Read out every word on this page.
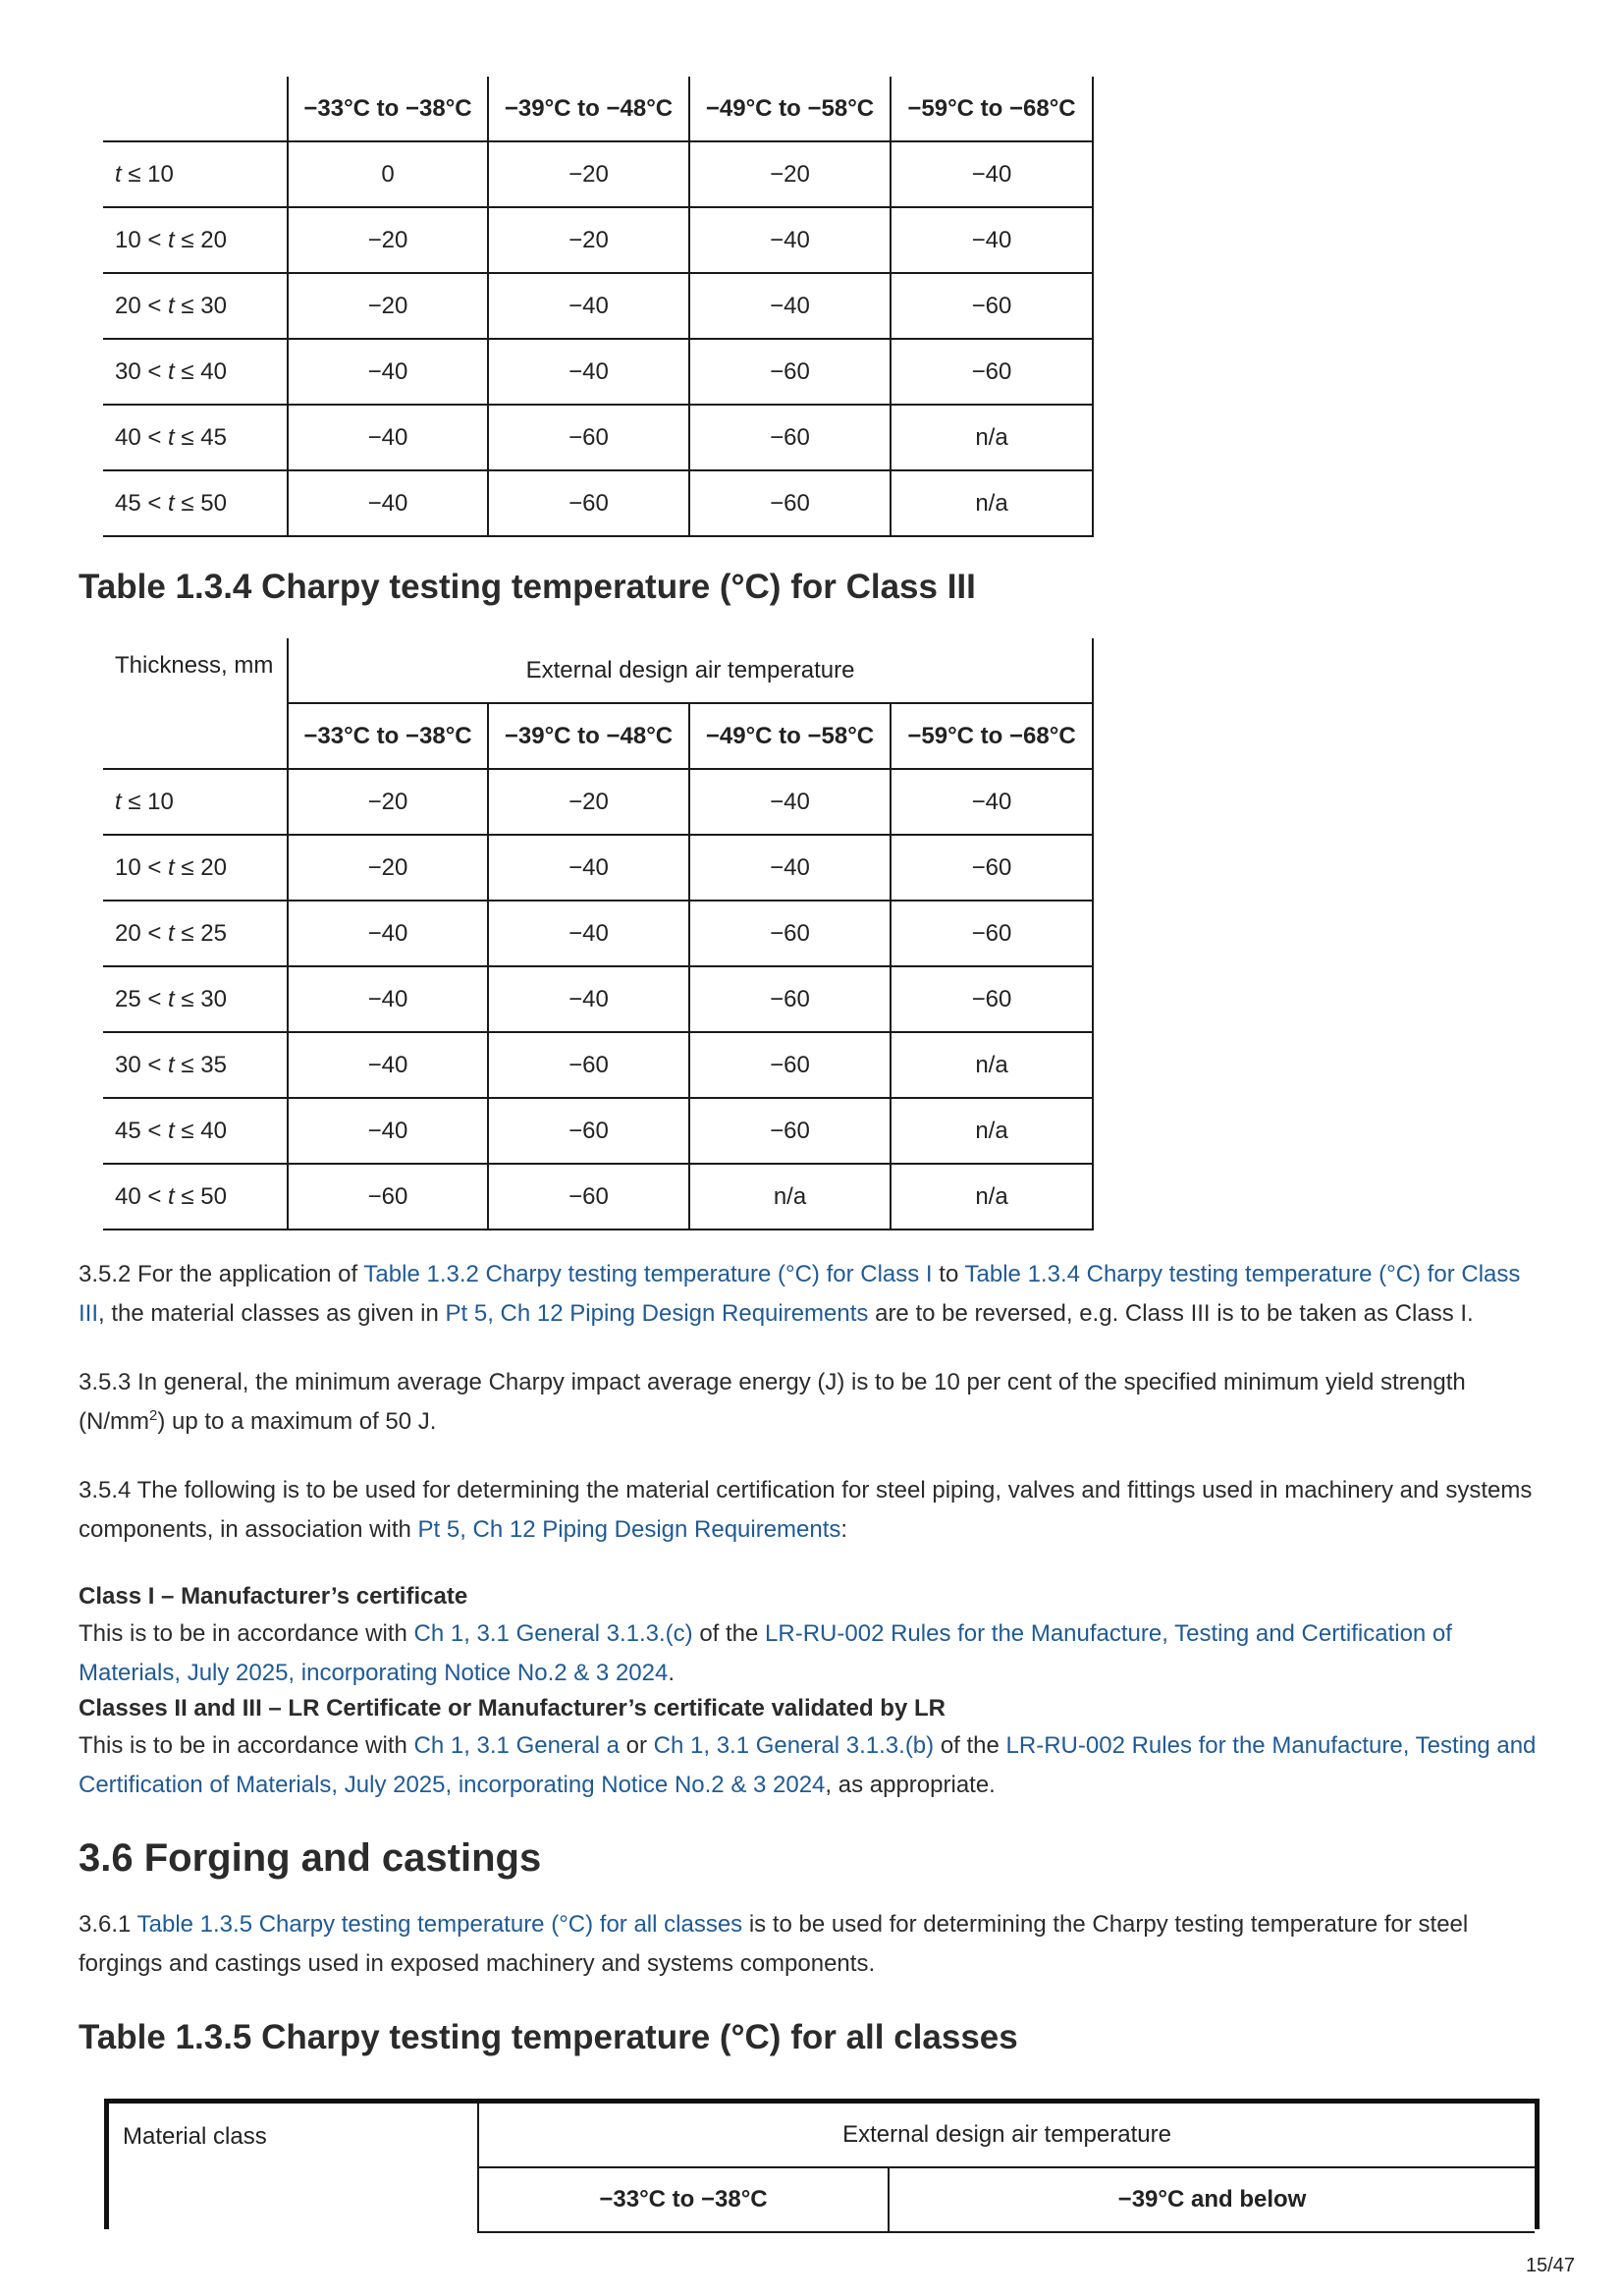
	−33°C to −38°C	−39°C to −48°C	−49°C to −58°C	−59°C to −68°C
t ≤ 10	0	−20	−20	−40
10 < t ≤ 20	−20	−20	−40	−40
20 < t ≤ 30	−20	−40	−40	−60
30 < t ≤ 40	−40	−40	−60	−60
40 < t ≤ 45	−40	−60	−60	n/a
45 < t ≤ 50	−40	−60	−60	n/a
Table 1.3.4 Charpy testing temperature (°C) for Class III
Thickness, mm	External design air temperature			
	−33°C to −38°C	−39°C to −48°C	−49°C to −58°C	−59°C to −68°C
t ≤ 10	−20	−20	−40	−40
10 < t ≤ 20	−20	−40	−40	−60
20 < t ≤ 25	−40	−40	−60	−60
25 < t ≤ 30	−40	−40	−60	−60
30 < t ≤ 35	−40	−60	−60	n/a
45 < t ≤ 40	−40	−60	−60	n/a
40 < t ≤ 50	−60	−60	n/a	n/a

3.5.2 For the application of Table 1.3.2 Charpy testing temperature (°C) for Class I to Table 1.3.4 Charpy testing temperature (°C) for Class III, the material classes as given in Pt 5, Ch 12 Piping Design Requirements are to be reversed, e.g. Class III is to be taken as Class I.

3.5.3 In general, the minimum average Charpy impact average energy (J) is to be 10 per cent of the specified minimum yield strength $(N/mm^2)$ up to a maximum of 50 J.

3.5.4 The following is to be used for determining the material certification for steel piping, valves and fittings used in machinery and systems components, in association with Pt 5, Ch 12 Piping Design Requirements:

Class I – Manufacturer’s certificate

This is to be in accordance with Ch 1, 3.1 General 3.1.3.(c) of the LR-RU-002 Rules for the Manufacture, Testing and Certification of Materials, July 2025, incorporating Notice No.2 & 3 2024.

Classes II and III – LR Certificate or Manufacturer’s certificate validated by LR

This is to be in accordance with Ch 1, 3.1 General a or Ch 1, 3.1 General 3.1.3.(b) of the LR-RU-002 Rules for the Manufacture, Testing and Certification of Materials, July 2025, incorporating Notice No.2 & 3 2024, as appropriate.

3.6 Forging and castings

3.6.1 Table 1.3.5 Charpy testing temperature (°C) for all classes is to be used for determining the Charpy testing temperature for steel forgings and castings used in exposed machinery and systems components.

Table 1.3.5 Charpy testing temperature (°C) for all classes
Material class	External design air temperature	
	−33°C to −38°C	−39°C and below
15/47
